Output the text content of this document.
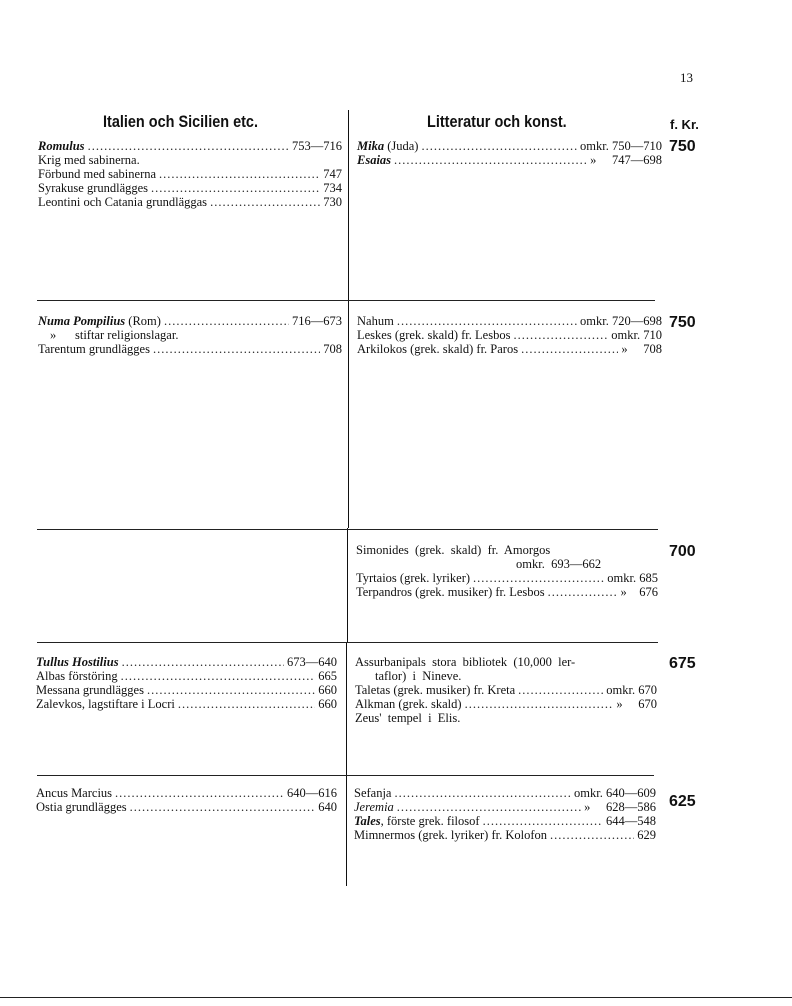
13
Italien och Sicilien etc.	Litteratur och konst.	f. Kr.
750
Romulus .....	753—716
Krig med sabinerna.
Förbund med sabinerna .....	747
Syrakuse grundlägges .....	734
Leontini och Catania grundläggas .....	730
Mika (Juda) .....	omkr. 750—710
Esaias .....	»     747—698
750
Numa Pompilius (Rom) .....	716—673
»      stiftar religionslagar.
Tarentum grundlägges .....	708
Nahum .....	omkr. 720—698
Leskes (grek. skald) fr. Lesbos .....	omkr. 710
Arkilokos (grek. skald) fr. Paros .....	»     708
700
Simonides  (grek.  skald)  fr.  Amorgos
omkr.  693—662
Tyrtaios (grek. lyriker) .....	omkr. 685
Terpandros (grek. musiker) fr. Lesbos .....	»    676
675
Tullus Hostilius .....	673—640
Albas förstöring .....	665
Messana grundlägges .....	660
Zalevkos, lagstiftare i Locri .....	660
Assurbanipals  stora  bibliotek  (10,000  ler-
taflor)  i  Nineve.
Taletas (grek. musiker) fr. Kreta .....	omkr. 670
Alkman (grek. skald) .....	»     670
Zeus'  tempel  i  Elis.
625
Ancus Marcius .....	640—616
Ostia grundlägges .....	640
Sefanja .....	omkr. 640—609
Jeremia .....	»     628—586
Tales, förste grek. filosof .....	644—548
Mimnermos (grek. lyriker) fr. Kolofon .....	629
